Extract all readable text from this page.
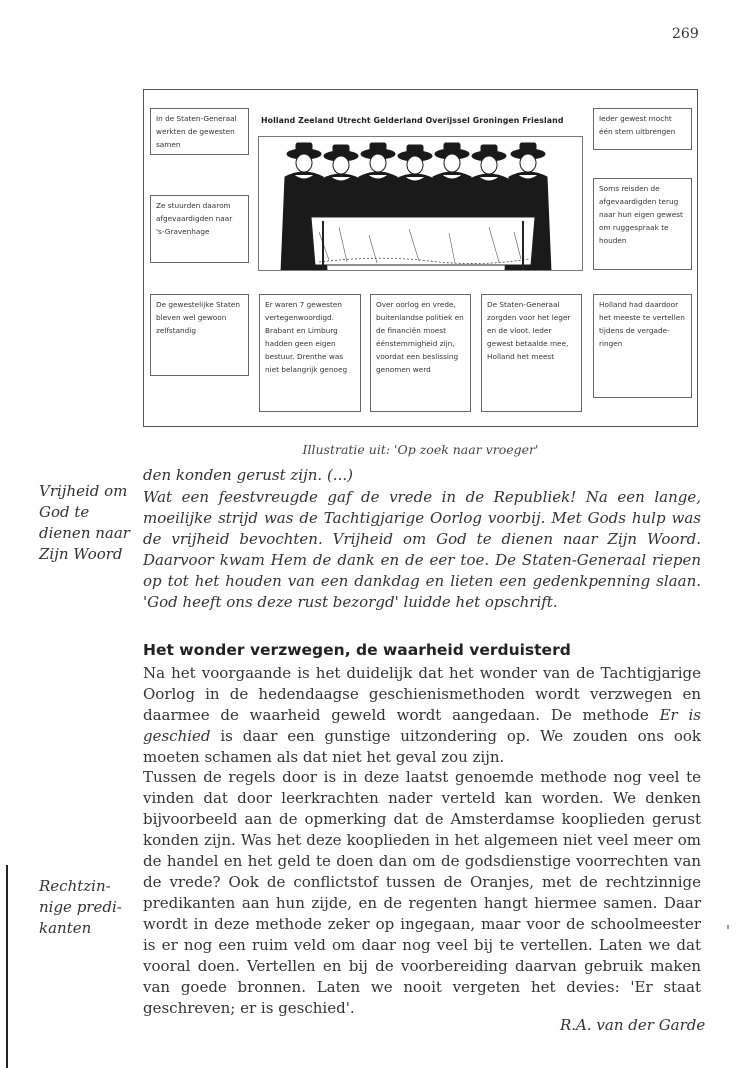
269
In de Staten-Generaal werkten de gewesten samen
Ze stuurden daarom afgevaardigden naar 's-Gravenhage
Ieder gewest mocht één stem uitbrengen
Soms reisden de afgevaardigden terug naar hun eigen gewest om ruggespraak te houden
Holland Zeeland Utrecht Gelderland Overijssel Groningen Friesland
De gewestelijke Staten bleven wel gewoon zelfstandig
Er waren 7 gewesten vertegenwoordigd. Brabant en Limburg hadden geen eigen bestuur. Drenthe was niet belangrijk genoeg
Over oorlog en vrede, buitenlandse politiek en de financiën moest éénstemmigheid zijn, voordat een beslissing genomen werd
De Staten-Generaal zorgden voor het leger en de vloot. Ieder gewest betaalde mee, Holland het meest
Holland had daardoor het meeste te vertellen tijdens de vergade-ringen
Illustratie uit: 'Op zoek naar vroeger'
Vrijheid om God te dienen naar Zijn Woord
Rechtzin-nige predi-kanten
den konden gerust zijn. (...)
Wat een feestvreugde gaf de vrede in de Republiek! Na een lange, moeilijke strijd was de Tachtigjarige Oorlog voorbij. Met Gods hulp was de vrijheid bevochten. Vrijheid om God te dienen naar Zijn Woord. Daarvoor kwam Hem de dank en de eer toe. De Staten-Generaal riepen op tot het houden van een dankdag en lieten een gedenkpenning slaan. 'God heeft ons deze rust bezorgd' luidde het opschrift.
Het wonder verzwegen, de waarheid verduisterd
Na het voorgaande is het duidelijk dat het wonder van de Tachtigjarige Oorlog in de hedendaagse geschienismethoden wordt verzwegen en daarmee de waarheid geweld wordt aangedaan. De methode Er is geschied is daar een gunstige uitzondering op. We zouden ons ook moeten schamen als dat niet het geval zou zijn.
Tussen de regels door is in deze laatst genoemde methode nog veel te vinden dat door leerkrachten nader verteld kan worden. We denken bijvoorbeeld aan de opmerking dat de Amsterdamse kooplieden gerust konden zijn. Was het deze kooplieden in het algemeen niet veel meer om de handel en het geld te doen dan om de godsdienstige voorrechten van de vrede? Ook de conflictstof tussen de Oranjes, met de rechtzinnige predikanten aan hun zijde, en de regenten hangt hiermee samen. Daar wordt in deze methode zeker op ingegaan, maar voor de schoolmeester is er nog een ruim veld om daar nog veel bij te vertellen. Laten we dat vooral doen. Vertellen en bij de voorbereiding daarvan gebruik maken van goede bronnen. Laten we nooit vergeten het devies: 'Er staat geschreven; er is geschied'.
R.A. van der Garde
